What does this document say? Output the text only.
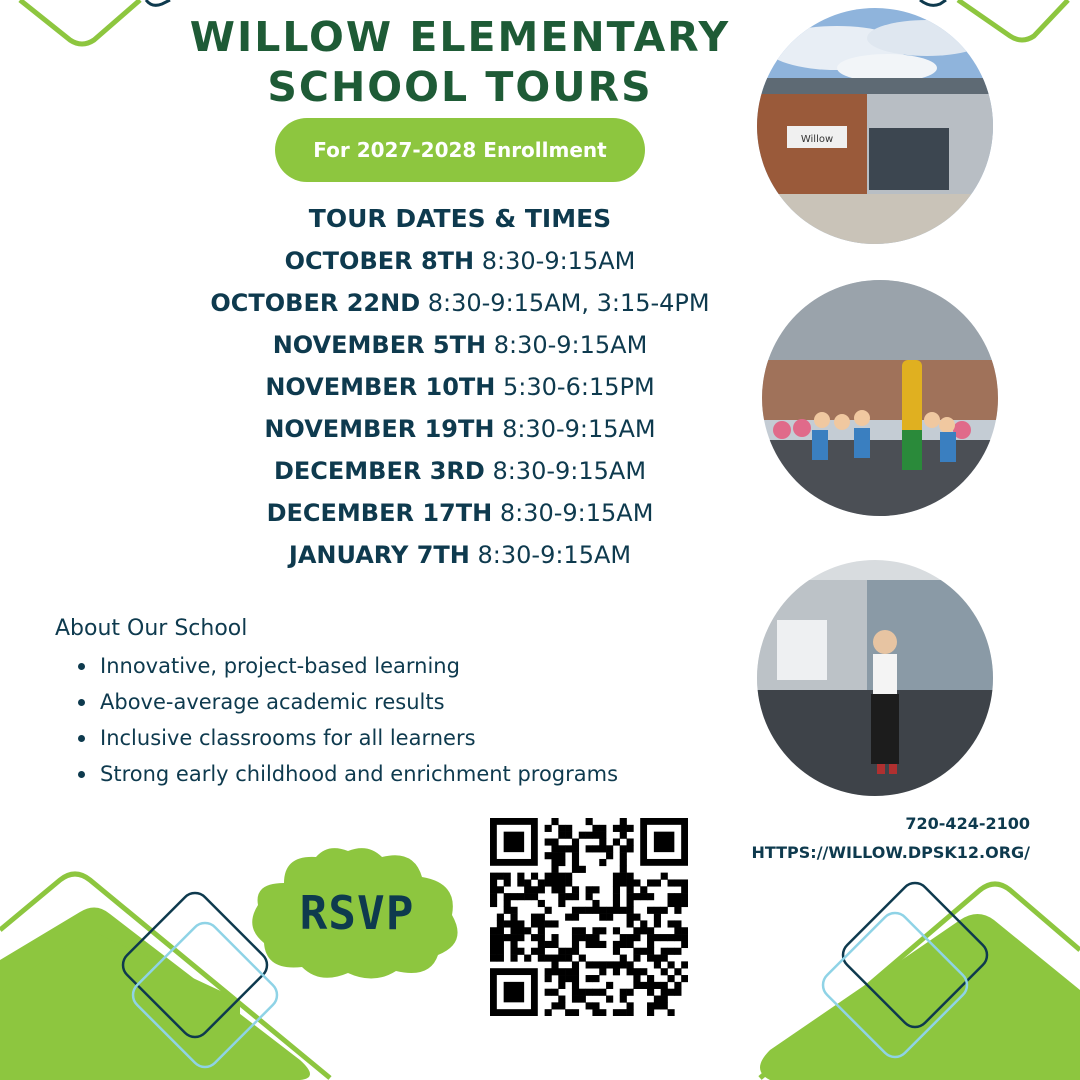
WILLOW ELEMENTARY
SCHOOL TOURS
For 2027-2028 Enrollment
TOUR DATES & TIMES
OCTOBER 8TH 8:30-9:15AM
OCTOBER 22ND 8:30-9:15AM, 3:15-4PM
NOVEMBER 5TH 8:30-9:15AM
NOVEMBER 10TH 5:30-6:15PM
NOVEMBER 19TH 8:30-9:15AM
DECEMBER 3RD 8:30-9:15AM
DECEMBER 17TH 8:30-9:15AM
JANUARY 7TH 8:30-9:15AM
About Our School
Innovative, project-based learning
Above-average academic results
Inclusive classrooms for all learners
Strong early childhood and enrichment programs
Willow
720-424-2100
HTTPS://WILLOW.DPSK12.ORG/
RSVP
